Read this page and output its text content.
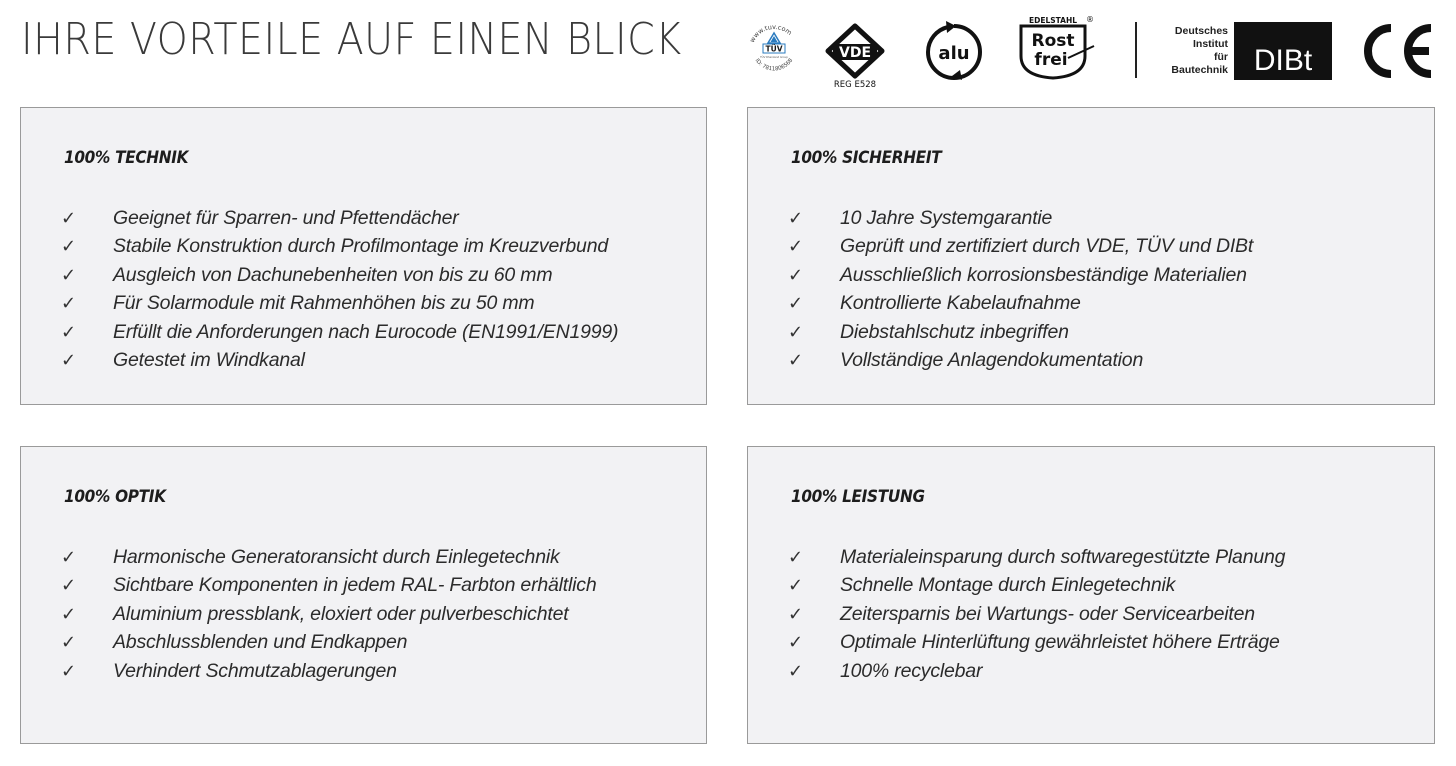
IHRE VORTEILE AUF EINEN BLICK	www.tuv.com
ID: 7811806568
TÜV
TÜV Rheinland Group	VDE
REG E528
alu
EDELSTAHL ®
Rost
frei
Deutsches
Institut
für
Bautechnik DIBt
100% TECHNIK
✓ Geeignet für Sparren- und Pfettendächer
✓ Stabile Konstruktion durch Profilmontage im Kreuzverbund
✓ Ausgleich von Dachunebenheiten von bis zu 60 mm
✓ Für Solarmodule mit Rahmenhöhen bis zu 50 mm
✓ Erfüllt die Anforderungen nach Eurocode (EN1991/EN1999)
✓ Getestet im Windkanal
100% SICHERHEIT
✓ 10 Jahre Systemgarantie
✓ Geprüft und zertifiziert durch VDE, TÜV und DIBt
✓ Ausschließlich korrosionsbeständige Materialien
✓ Kontrollierte Kabelaufnahme
✓ Diebstahlschutz inbegriffen
✓ Vollständige Anlagendokumentation
100% OPTIK
✓ Harmonische Generatoransicht durch Einlegetechnik
✓ Sichtbare Komponenten in jedem RAL- Farbton erhältlich
✓ Aluminium pressblank, eloxiert oder pulverbeschichtet
✓ Abschlussblenden und Endkappen
✓ Verhindert Schmutzablagerungen
100% LEISTUNG
✓ Materialeinsparung durch softwaregestützte Planung
✓ Schnelle Montage durch Einlegetechnik
✓ Zeitersparnis bei Wartungs- oder Servicearbeiten
✓ Optimale Hinterlüftung gewährleistet höhere Erträge
✓ 100% recyclebar
